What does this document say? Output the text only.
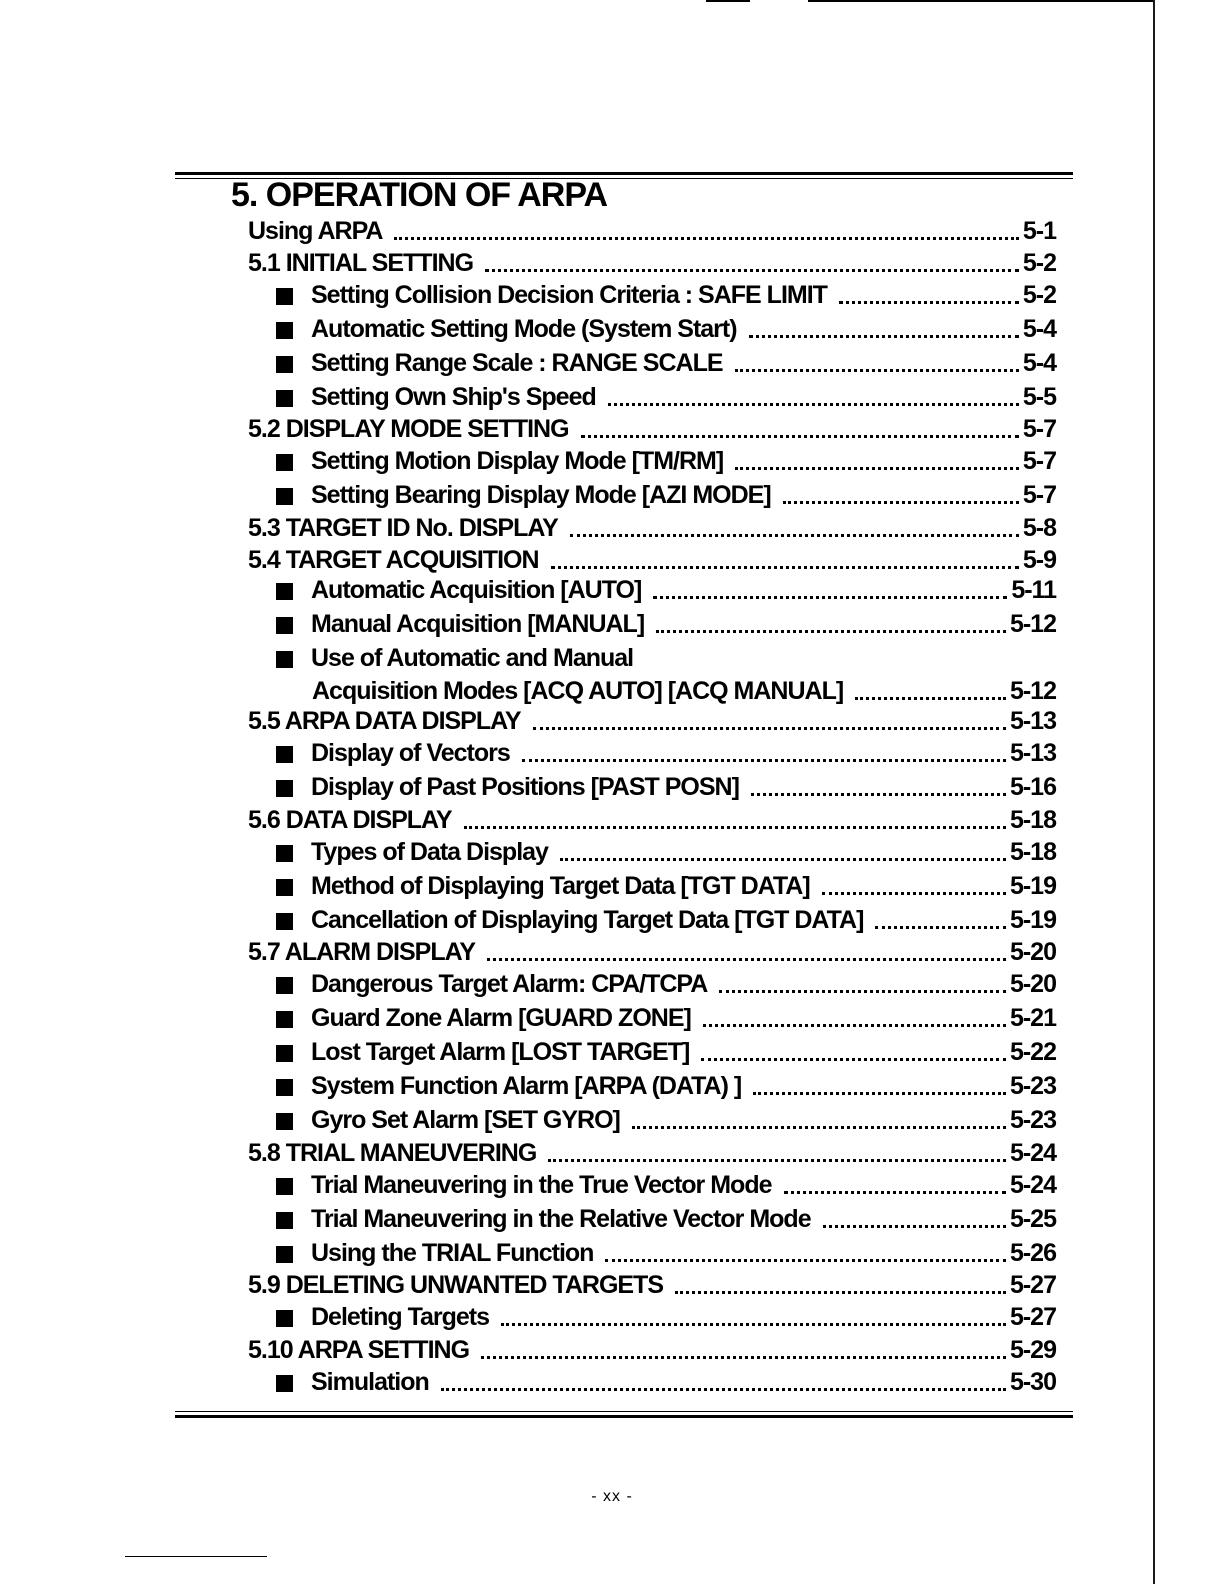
5. OPERATION OF ARPA
Using ARPA	5-1
5.1 INITIAL SETTING	5-2
Setting Collision Decision Criteria : SAFE LIMIT	5-2
Automatic Setting Mode (System Start)	5-4
Setting Range Scale : RANGE SCALE	5-4
Setting Own Ship's Speed	5-5
5.2 DISPLAY MODE SETTING	5-7
Setting Motion Display Mode [TM/RM]	5-7
Setting Bearing Display Mode [AZI MODE]	5-7
5.3 TARGET ID No. DISPLAY	5-8
5.4 TARGET ACQUISITION	5-9
Automatic Acquisition [AUTO]	5-11
Manual Acquisition [MANUAL]	5-12
Use of Automatic and Manual
Acquisition Modes [ACQ AUTO] [ACQ MANUAL]	5-12
5.5 ARPA DATA DISPLAY	5-13
Display of Vectors	5-13
Display of Past Positions [PAST POSN]	5-16
5.6 DATA DISPLAY	5-18
Types of Data Display	5-18
Method of Displaying Target Data [TGT DATA]	5-19
Cancellation of Displaying Target Data [TGT DATA]	5-19
5.7 ALARM DISPLAY	5-20
Dangerous Target Alarm: CPA/TCPA	5-20
Guard Zone Alarm [GUARD ZONE]	5-21
Lost Target Alarm [LOST TARGET]	5-22
System Function Alarm [ARPA (DATA) ]	5-23
Gyro Set Alarm [SET GYRO]	5-23
5.8 TRIAL MANEUVERING	5-24
Trial Maneuvering in the True Vector Mode	5-24
Trial Maneuvering in the Relative Vector Mode	5-25
Using the TRIAL Function	5-26
5.9 DELETING UNWANTED TARGETS	5-27
Deleting Targets	5-27
5.10 ARPA SETTING	5-29
Simulation	5-30
- xx -
